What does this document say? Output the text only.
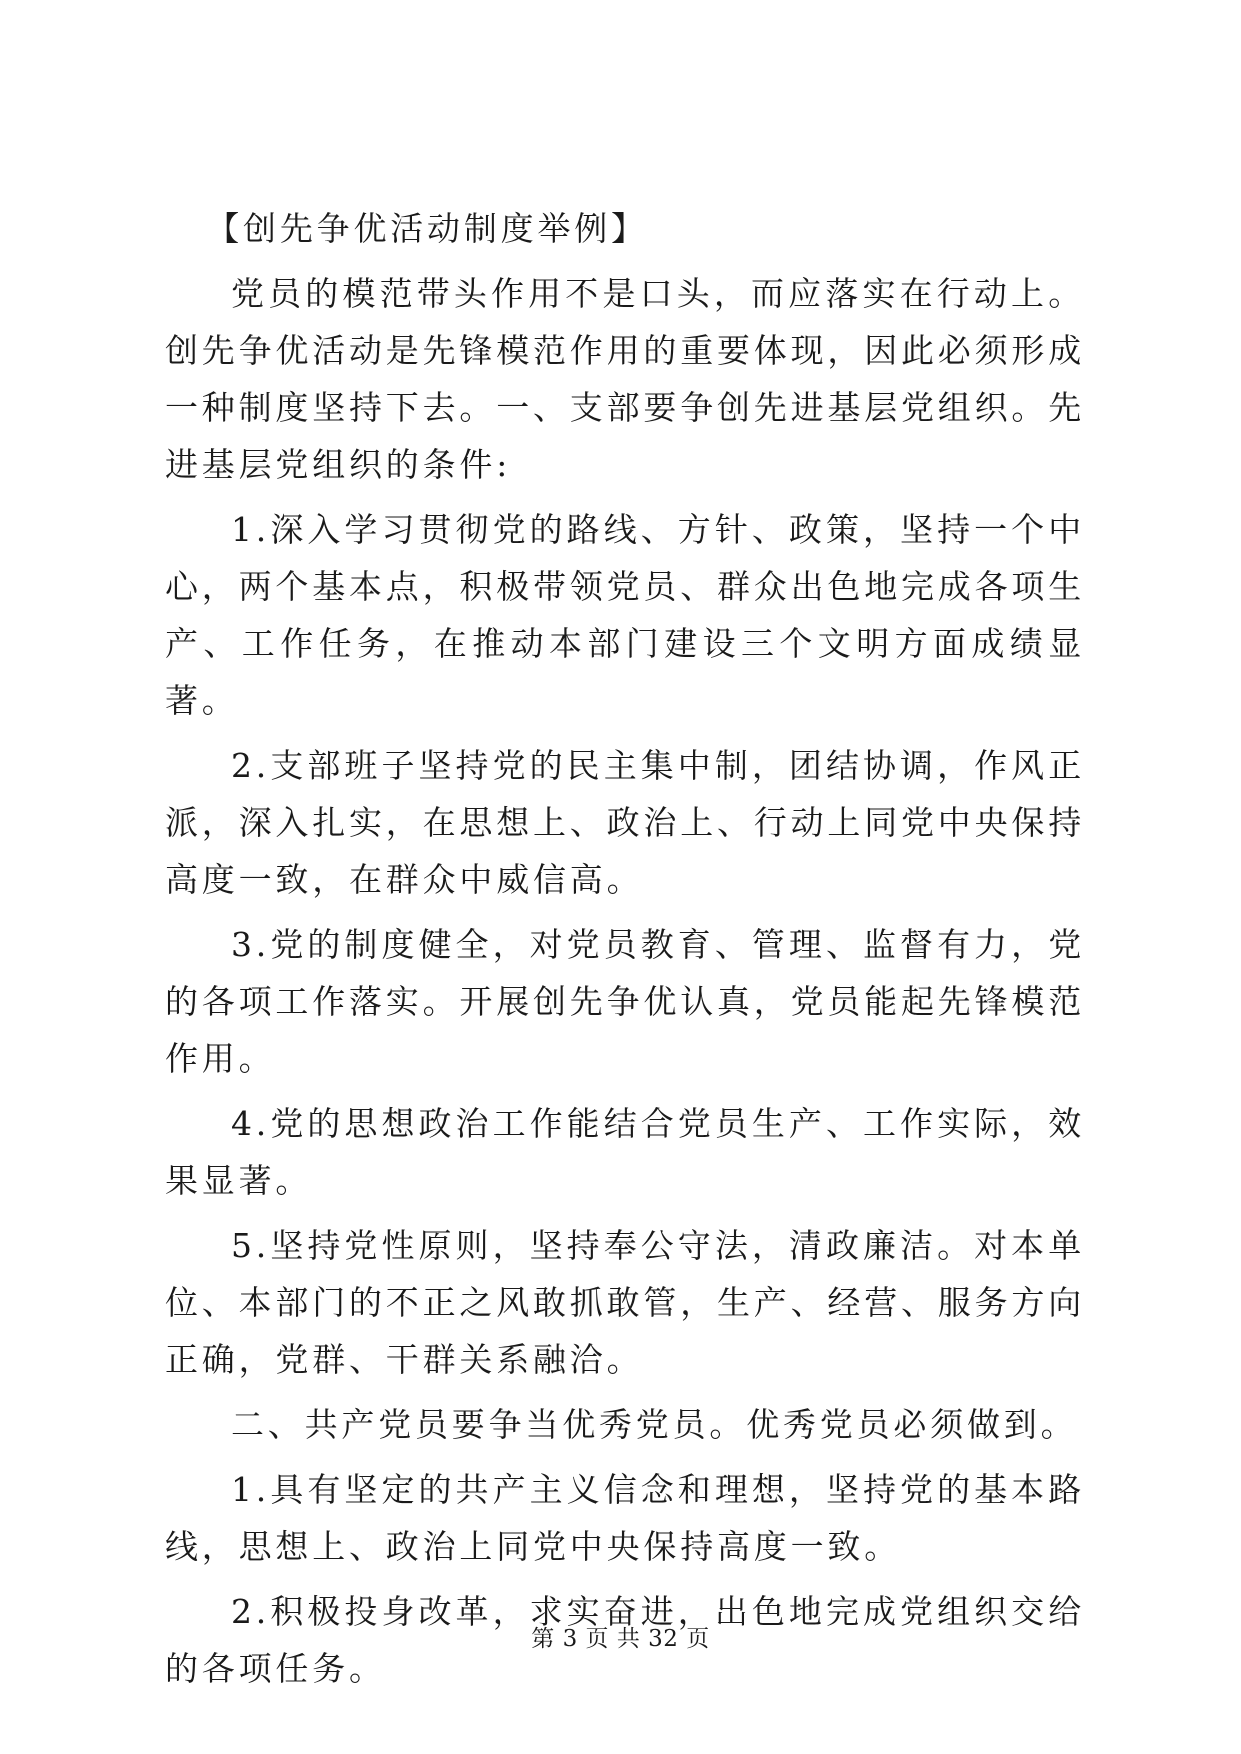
【创先争优活动制度举例】

党员的模范带头作用不是口头，而应落实在行动上。创先争优活动是先锋模范作用的重要体现，因此必须形成一种制度坚持下去。一、支部要争创先进基层党组织。先进基层党组织的条件:

1.深入学习贯彻党的路线、方针、政策，坚持一个中心，两个基本点，积极带领党员、群众出色地完成各项生产、工作任务，在推动本部门建设三个文明方面成绩显著。

2.支部班子坚持党的民主集中制，团结协调，作风正派，深入扎实，在思想上、政治上、行动上同党中央保持高度一致，在群众中威信高。

3.党的制度健全，对党员教育、管理、监督有力，党的各项工作落实。开展创先争优认真，党员能起先锋模范作用。

4.党的思想政治工作能结合党员生产、工作实际，效果显著。

5.坚持党性原则，坚持奉公守法，清政廉洁。对本单位、本部门的不正之风敢抓敢管，生产、经营、服务方向正确，党群、干群关系融洽。

二、共产党员要争当优秀党员。优秀党员必须做到。

1.具有坚定的共产主义信念和理想，坚持党的基本路线，思想上、政治上同党中央保持高度一致。

2.积极投身改革，求实奋进，出色地完成党组织交给的各项任务。

第 3 页 共 32 页
